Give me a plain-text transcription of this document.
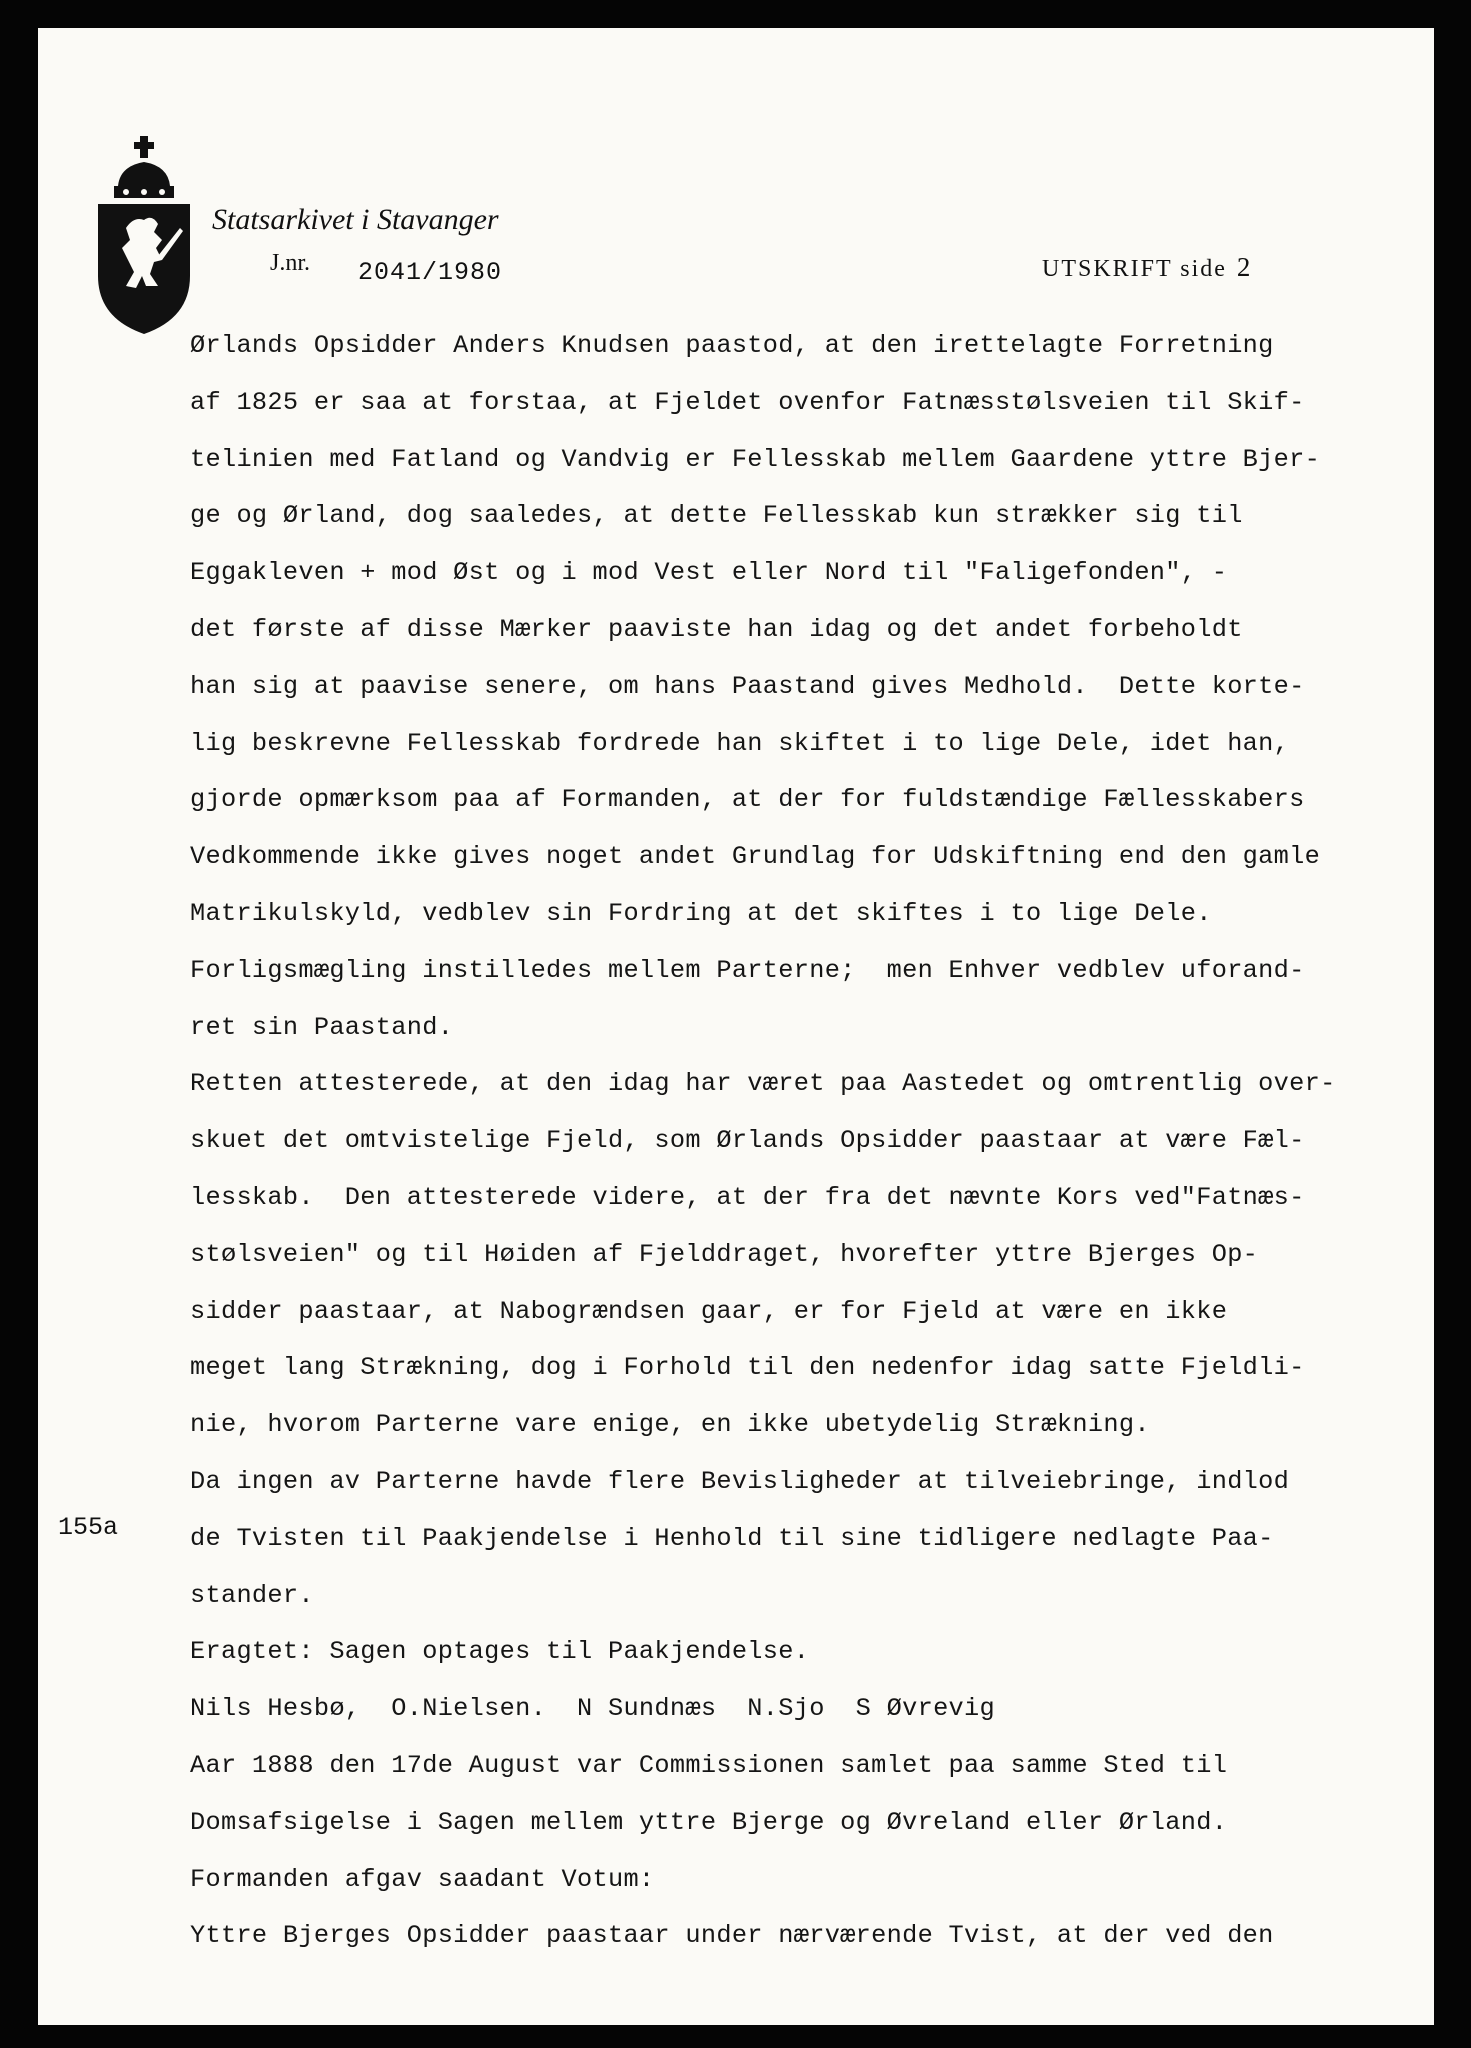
Statsarkivet i Stavanger
J.nr. 2041/1980	UTSKRIFT side 2
155a
Ørlands Opsidder Anders Knudsen paastod, at den irettelagte Forretning
af 1825 er saa at forstaa, at Fjeldet ovenfor Fatnæsstølsveien til Skif-
telinien med Fatland og Vandvig er Fellesskab mellem Gaardene yttre Bjer-
ge og Ørland, dog saaledes, at dette Fellesskab kun strækker sig til
Eggakleven + mod Øst og i mod Vest eller Nord til "Faligefonden", -
det første af disse Mærker paaviste han idag og det andet forbeholdt
han sig at paavise senere, om hans Paastand gives Medhold.  Dette korte-
lig beskrevne Fellesskab fordrede han skiftet i to lige Dele, idet han,
gjorde opmærksom paa af Formanden, at der for fuldstændige Fællesskabers
Vedkommende ikke gives noget andet Grundlag for Udskiftning end den gamle
Matrikulskyld, vedblev sin Fordring at det skiftes i to lige Dele.
Forligsmægling instilledes mellem Parterne;  men Enhver vedblev uforand-
ret sin Paastand.
Retten attesterede, at den idag har været paa Aastedet og omtrentlig over-
skuet det omtvistelige Fjeld, som Ørlands Opsidder paastaar at være Fæl-
lesskab.  Den attesterede videre, at der fra det nævnte Kors ved"Fatnæs-
stølsveien" og til Høiden af Fjelddraget, hvorefter yttre Bjerges Op-
sidder paastaar, at Nabogrændsen gaar, er for Fjeld at være en ikke
meget lang Strækning, dog i Forhold til den nedenfor idag satte Fjeldli-
nie, hvorom Parterne vare enige, en ikke ubetydelig Strækning.
Da ingen av Parterne havde flere Bevisligheder at tilveiebringe, indlod
de Tvisten til Paakjendelse i Henhold til sine tidligere nedlagte Paa-
stander.
Eragtet: Sagen optages til Paakjendelse.
Nils Hesbø,  O.Nielsen.  N Sundnæs  N.Sjo  S Øvrevig
Aar 1888 den 17de August var Commissionen samlet paa samme Sted til
Domsafsigelse i Sagen mellem yttre Bjerge og Øvreland eller Ørland.
Formanden afgav saadant Votum:
Yttre Bjerges Opsidder paastaar under nærværende Tvist, at der ved den
